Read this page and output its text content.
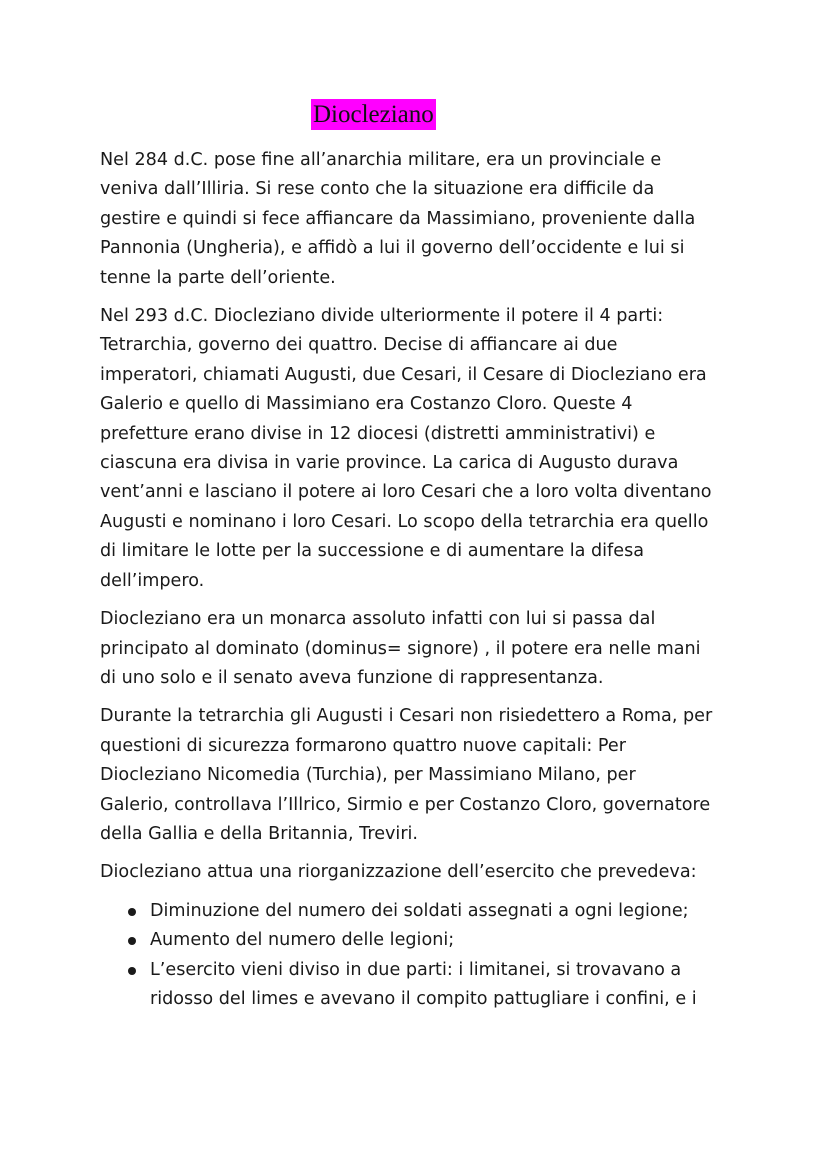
Diocleziano

Nel 284 d.C. pose fine all’anarchia militare, era un provinciale e
veniva dall’Illiria. Si rese conto che la situazione era difficile da
gestire e quindi si fece affiancare da Massimiano, proveniente dalla
Pannonia (Ungheria), e affidò a lui il governo dell’occidente e lui si
tenne la parte dell’oriente.

Nel 293 d.C. Diocleziano divide ulteriormente il potere il 4 parti:
Tetrarchia, governo dei quattro. Decise di affiancare ai due
imperatori, chiamati Augusti, due Cesari, il Cesare di Diocleziano era
Galerio e quello di Massimiano era Costanzo Cloro. Queste 4
prefetture erano divise in 12 diocesi (distretti amministrativi) e
ciascuna era divisa in varie province. La carica di Augusto durava
vent’anni e lasciano il potere ai loro Cesari che a loro volta diventano
Augusti e nominano i loro Cesari. Lo scopo della tetrarchia era quello
di limitare le lotte per la successione e di aumentare la difesa
dell’impero.

Diocleziano era un monarca assoluto infatti con lui si passa dal
principato al dominato (dominus= signore) , il potere era nelle mani
di uno solo e il senato aveva funzione di rappresentanza.

Durante la tetrarchia gli Augusti i Cesari non risiedettero a Roma, per
questioni di sicurezza formarono quattro nuove capitali: Per
Diocleziano Nicomedia (Turchia), per Massimiano Milano, per
Galerio, controllava l’Illrico, Sirmio e per Costanzo Cloro, governatore
della Gallia e della Britannia, Treviri.

Diocleziano attua una riorganizzazione dell’esercito che prevedeva:

Diminuzione del numero dei soldati assegnati a ogni legione;
Aumento del numero delle legioni;
L’esercito vieni diviso in due parti: i limitanei, si trovavano a
ridosso del limes e avevano il compito pattugliare i confini, e i
